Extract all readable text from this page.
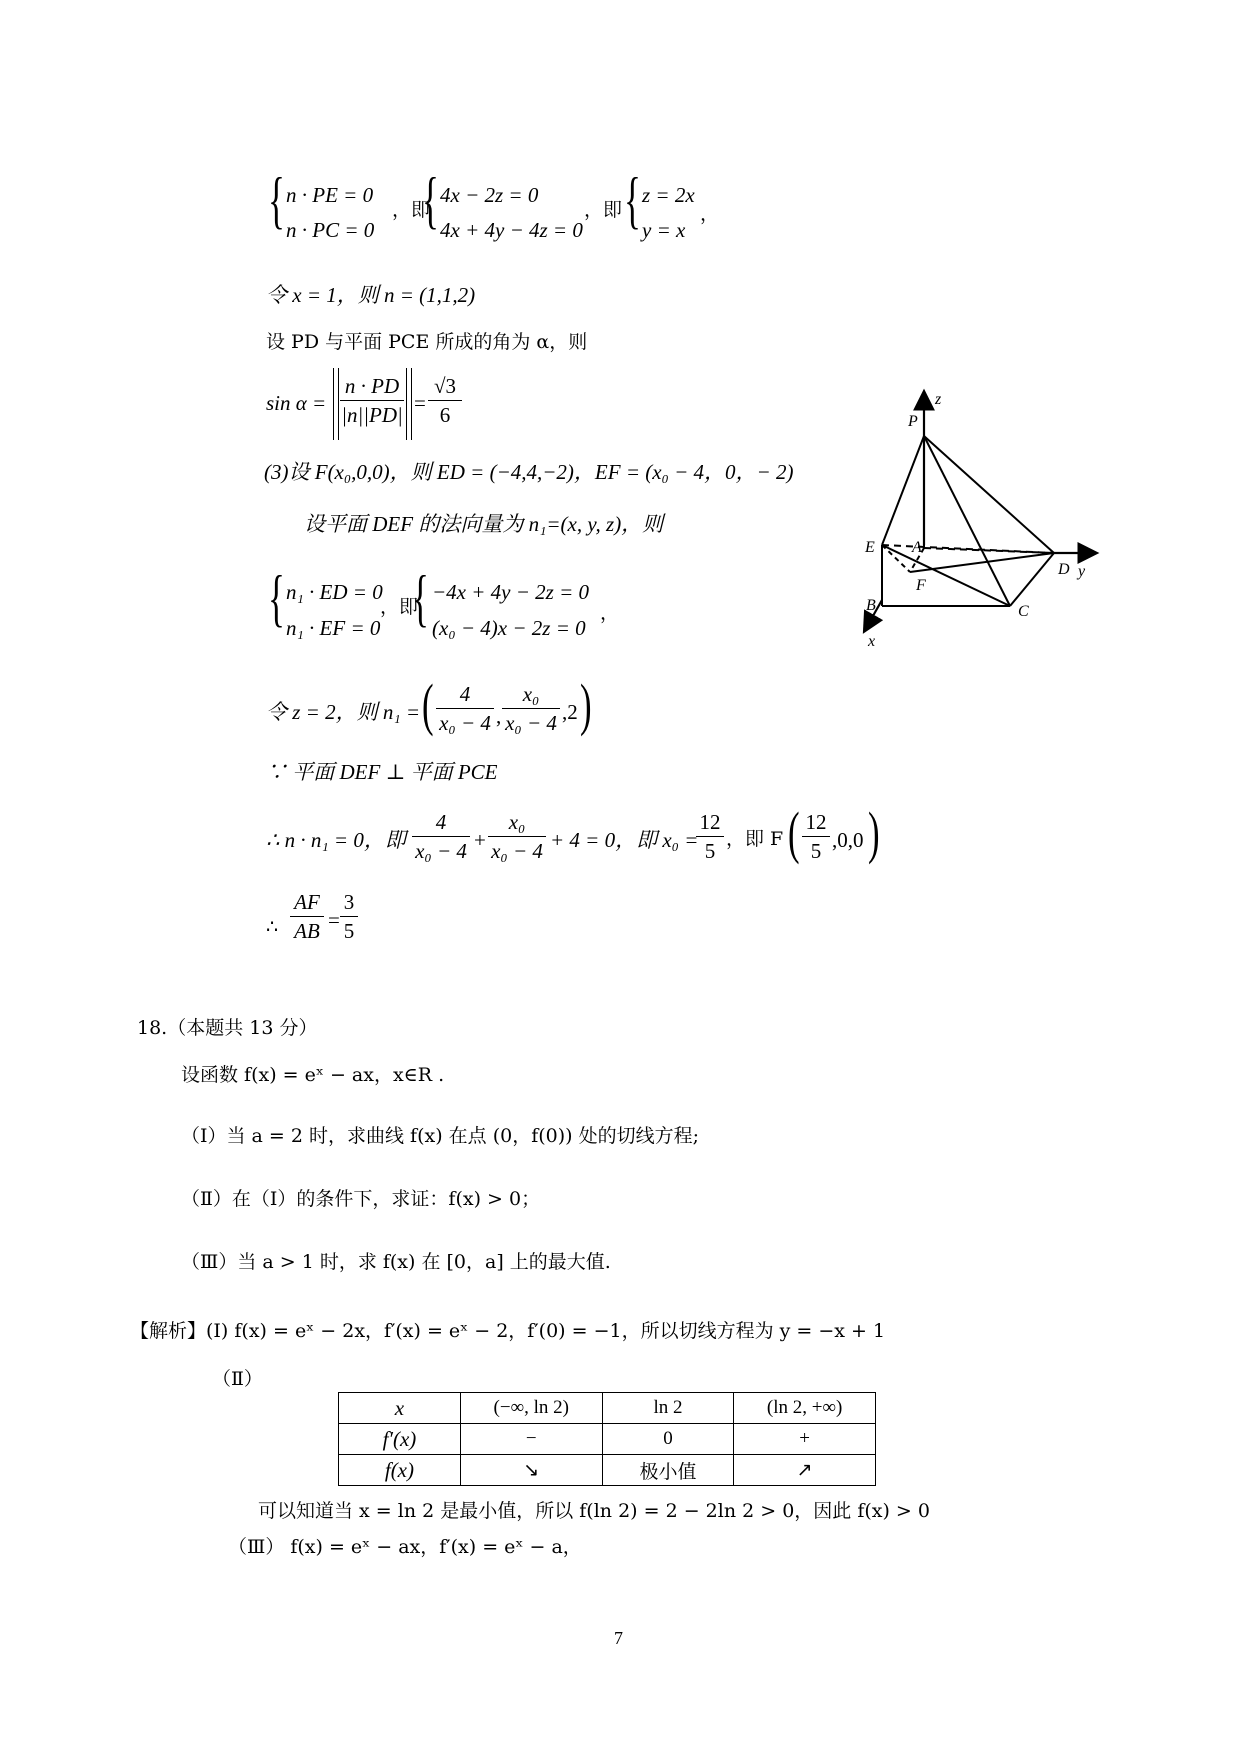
{ n · PE = 0
n · PC = 0
，即
{ 4x − 2z = 0
4x + 4y − 4z = 0
，即 { z = 2x
y = x
，
令 x = 1，则 n = (1,1,2)
设 PD 与平面 PCE 所成的角为 α，则
sin α =
n · PD
|n||PD| =
√3
6
(3)设 F(x₀,0,0)，则 ED = (−4,4,−2)，EF = (x₀ − 4，0，− 2)
设平面 DEF 的法向量为 n₁=(x, y, z)，则
{ n₁ · ED = 0
n₁ · EF = 0
，即
{ −4x + 4y − 2z = 0
(x₀ − 4)x − 2z = 0
，
令 z = 2，则 n₁ = (	4
x₀ − 4 ,
x₀
x₀ − 4 ,2 )
∵ 平面 DEF ⊥ 平面 PCE
∴ n · n₁ = 0，即
4
x₀ − 4 +
x₀
x₀ − 4 + 4 = 0，即 x₀ =
12
5 ，即 F ( 12
5 ,0,0 )
∴
AF
AB =
3
5
z
P
E A
F
D y
B	C
x
18.（本题共 13 分）
设函数 f(x) = eˣ − ax，x∈R .
（Ⅰ）当 a = 2 时，求曲线 f(x) 在点 (0，f(0)) 处的切线方程;
（Ⅱ）在（Ⅰ）的条件下，求证：f(x) > 0；
（Ⅲ）当 a > 1 时，求 f(x) 在 [0，a] 上的最大值.
【解析】(Ⅰ) f(x) = eˣ − 2x，f′(x) = eˣ − 2，f′(0) = −1，所以切线方程为 y = −x + 1
（Ⅱ）
x	(−∞, ln 2)	ln 2	(ln 2, +∞)
f′(x)	−	0	+
f(x)	↘	极小值	↗
可以知道当 x = ln 2 是最小值，所以 f(ln 2) = 2 − 2ln 2 > 0，因此 f(x) > 0
（Ⅲ） f(x) = eˣ − ax，f′(x) = eˣ − a，
7
